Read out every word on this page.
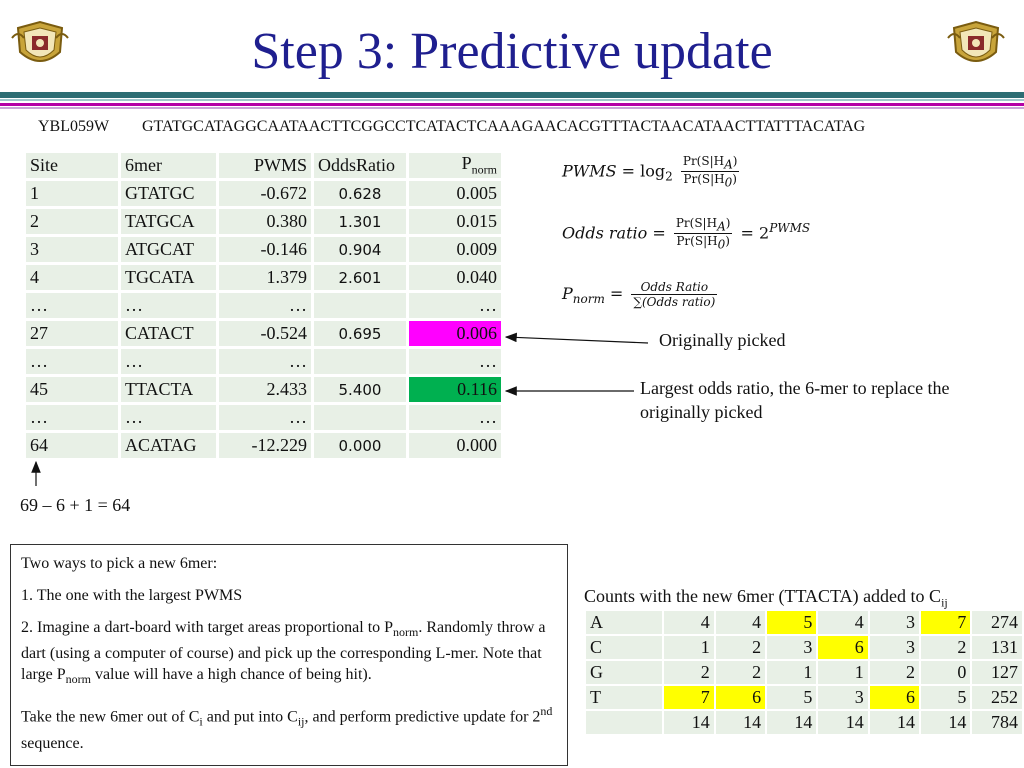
Step 3: Predictive update
YBL059W GTATGCATAGGCAATAACTTCGGCCTCATACTCAAAGAACACGTTTACTAACATAACTTATTTACATAG
Site	6mer	PWMS	OddsRatio	$P_{norm}$
1	GTATGC	-0.672	0.628	0.005
2	TATGCA	0.380	1.301	0.015
3	ATGCAT	-0.146	0.904	0.009
4	TGCATA	1.379	2.601	0.040
…	…	…		…
27	CATACT	-0.524	0.695	0.006
…	…	…		…
45	TTACTA	2.433	5.400	0.116
…	…	…		…
64	ACATAG	-12.229	0.000	0.000
PWMS = $\log_2 \frac{Pr(S|H_A)}{Pr(S|H_0)}$
Odds ratio = $\frac{Pr(S|H_A)}{Pr(S|H_0)} = 2^{PWMS}$
$P_{norm} = \frac{\text{Odds Ratio}}{\text{∑(Odds ratio)}}$
Originally picked
Largest odds ratio, the 6-mer to replace the originally picked
69 – 6 + 1 = 64

Two ways to pick a new 6mer:

1. The one with the largest PWMS

2. Imagine a dart-board with target areas proportional to $P_{norm}$. Randomly throw a dart (using a computer of course) and pick up the corresponding L-mer. Note that large $P_{norm}$ value will have a high chance of being hit).

Take the new 6mer out of $C_i$ and put into $C_{ij}$, and perform predictive update for 2nd sequence.

Counts with the new 6mer (TTACTA) added to $C_{ij}$
A	4	4	5	4	3	7	274
C	1	2	3	6	3	2	131
G	2	2	1	1	2	0	127
T	7	6	5	3	6	5	252
	14	14	14	14	14	14	784
